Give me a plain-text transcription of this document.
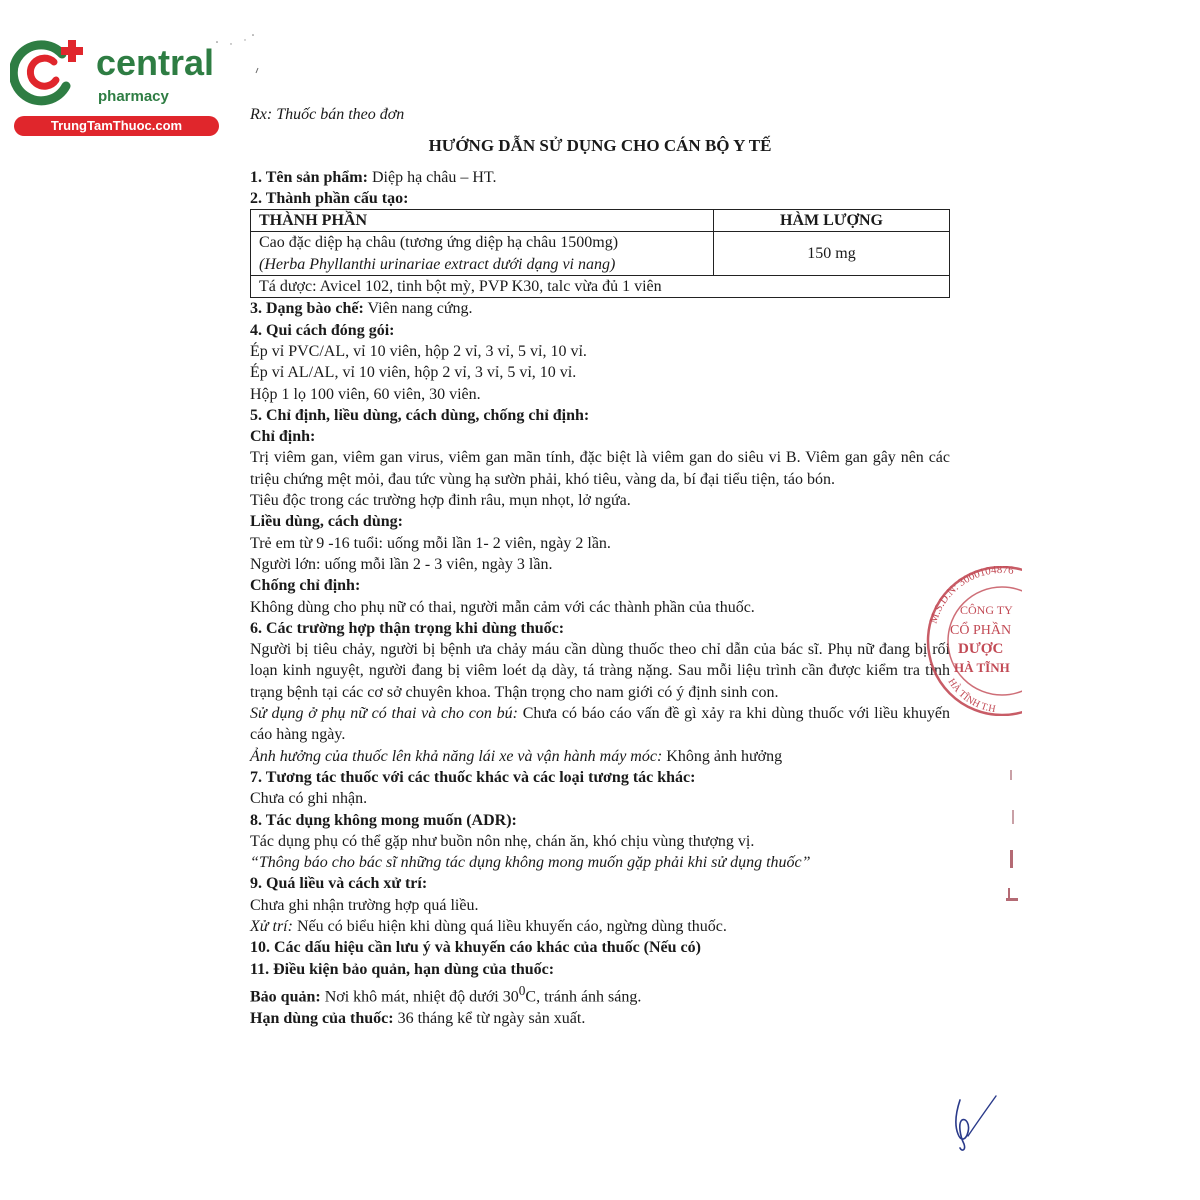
central
pharmacy
TrungTamThuoc.com

Rx: Thuốc bán theo đơn

HƯỚNG DẪN SỬ DỤNG CHO CÁN BỘ Y TẾ

1. Tên sản phẩm: Diệp hạ châu – HT.

2. Thành phần cấu tạo:

THÀNH PHẦN	HÀM LƯỢNG

Cao đặc diệp hạ châu (tương ứng diệp hạ châu 1500mg)
(Herba Phyllanthi urinariae extract dưới dạng vi nang)	150 mg
Tá dược: Avicel 102, tinh bột mỳ, PVP K30, talc vừa đủ 1 viên	

3. Dạng bào chế: Viên nang cứng.

4. Qui cách đóng gói:

Ép vỉ PVC/AL, vỉ 10 viên, hộp 2 vỉ, 3 vỉ, 5 vỉ, 10 vỉ.

Ép vỉ AL/AL, vỉ 10 viên, hộp 2 vỉ, 3 vỉ, 5 vỉ, 10 vỉ.

Hộp 1 lọ 100 viên, 60 viên, 30 viên.

5. Chỉ định, liều dùng, cách dùng, chống chỉ định:

Chỉ định:

Trị viêm gan, viêm gan virus, viêm gan mãn tính, đặc biệt là viêm gan do siêu vi B. Viêm gan gây nên các triệu chứng mệt mỏi, đau tức vùng hạ sườn phải, khó tiêu, vàng da, bí đại tiểu tiện, táo bón.

Tiêu độc trong các trường hợp đinh râu, mụn nhọt, lở ngứa.

Liều dùng, cách dùng:

Trẻ em từ 9 -16 tuổi: uống mỗi lần 1- 2 viên, ngày 2 lần.

Người lớn: uống mỗi lần 2 - 3 viên, ngày 3 lần.

Chống chỉ định:

Không dùng cho phụ nữ có thai, người mẫn cảm với các thành phần của thuốc.

6. Các trường hợp thận trọng khi dùng thuốc:

Người bị tiêu chảy, người bị bệnh ưa chảy máu cần dùng thuốc theo chỉ dẫn của bác sĩ. Phụ nữ đang bị rối loạn kinh nguyệt, người đang bị viêm loét dạ dày, tá tràng nặng. Sau mỗi liệu trình cần được kiểm tra tình trạng bệnh tại các cơ sở chuyên khoa. Thận trọng cho nam giới có ý định sinh con.

Sử dụng ở phụ nữ có thai và cho con bú: Chưa có báo cáo vấn đề gì xảy ra khi dùng thuốc với liều khuyến cáo hàng ngày.

Ảnh hưởng của thuốc lên khả năng lái xe và vận hành máy móc: Không ảnh hưởng

7. Tương tác thuốc với các thuốc khác và các loại tương tác khác:

Chưa có ghi nhận.

8. Tác dụng không mong muốn (ADR):

Tác dụng phụ có thể gặp như buồn nôn nhẹ, chán ăn, khó chịu vùng thượng vị.

“Thông báo cho bác sĩ những tác dụng không mong muốn gặp phải khi sử dụng thuốc”

9. Quá liều và cách xử trí:

Chưa ghi nhận trường hợp quá liều.

Xử trí: Nếu có biểu hiện khi dùng quá liều khuyến cáo, ngừng dùng thuốc.

10. Các dấu hiệu cần lưu ý và khuyến cáo khác của thuốc (Nếu có)

11. Điều kiện bảo quản, hạn dùng của thuốc:

Bảo quản: Nơi khô mát, nhiệt độ dưới $30^0C$, tránh ánh sáng.

Hạn dùng của thuốc: 36 tháng kể từ ngày sản xuất.

M.S.D.N: 3000104876
HÀ TĨNH T.H
CÔNG TY
CỔ PHẦN
DƯỢC
HÀ TĨNH
